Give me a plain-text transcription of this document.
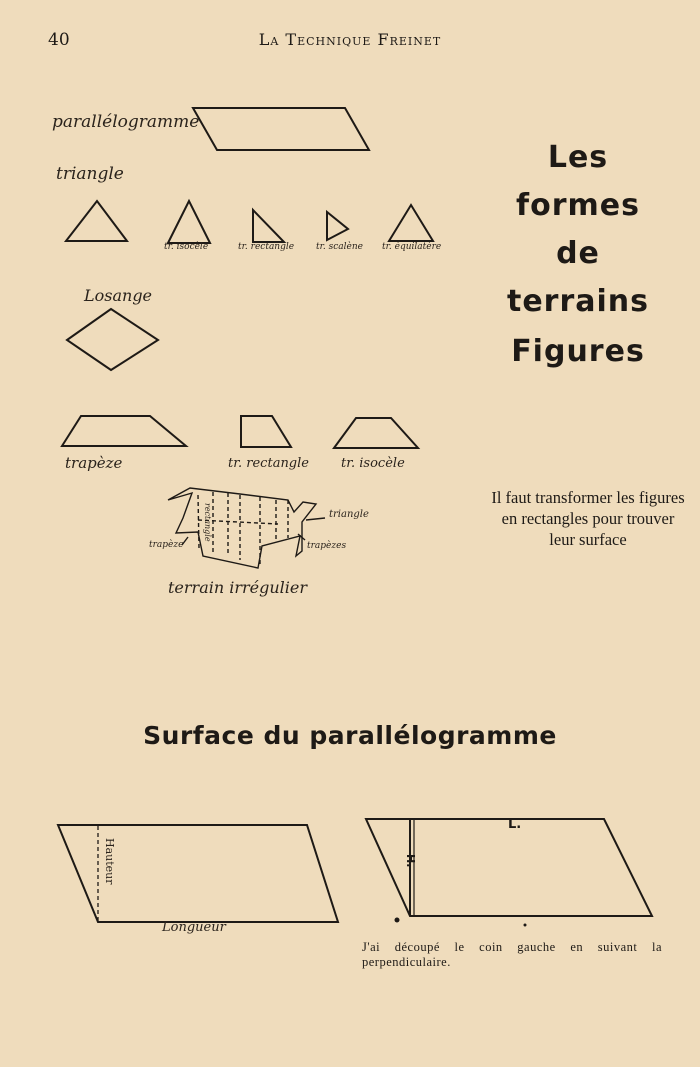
40	La Technique Freinet
parallélogramme
triangle
tr. isocèle	tr. rectangle tr. scalène tr. équilatère
Losange
trapèze	tr. rectangle tr. isocèle
triangle
trapèze	trapèzes
rectangle
terrain irrégulier
Les
formes
de
terrains
Figures
Il faut transformer les figures en rectangles pour trouver leur surface
Surface du parallélogramme
Hauteur
Longueur
L.
H.
J'ai découpé le coin gauche en suivant la perpendiculaire.
